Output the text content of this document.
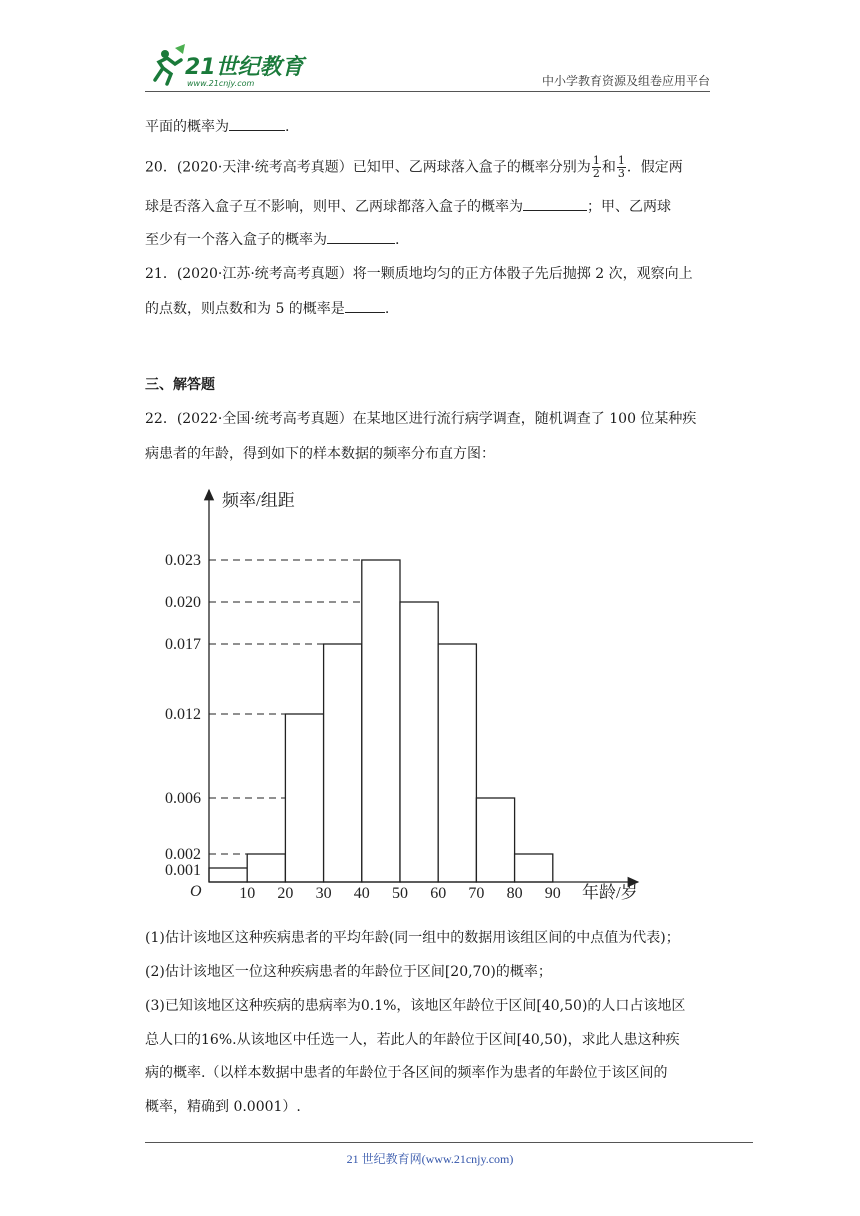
21世纪教育
www.21cnjy.com	中小学教育资源及组卷应用平台
平面的概率为	.
20．(2020·天津·统考高考真题）已知甲、乙两球落入盒子的概率分别为 $\frac{1}{2}$ 和 $\frac{1}{3}$ ．假定两
球是否落入盒子互不影响，则甲、乙两球都落入盒子的概率为	；甲、乙两球
至少有一个落入盒子的概率为	.
21．(2020·江苏·统考高考真题）将一颗质地均匀的正方体骰子先后抛掷 2 次，观察向上
的点数，则点数和为 5 的概率是	.
三、解答题
22．(2022·全国·统考高考真题）在某地区进行流行病学调查，随机调查了 100 位某种疾
病患者的年龄，得到如下的样本数据的频率分布直方图：
0.001
0.002
0.006
0.012
0.017
0.020
0.023
10 20 30 40 50 60 70 80 90
频率/组距
年龄/岁
O
(1)估计该地区这种疾病患者的平均年龄(同一组中的数据用该组区间的中点值为代表)；
(2)估计该地区一位这种疾病患者的年龄位于区间[20,70)的概率；
(3)已知该地区这种疾病的患病率为0.1%，该地区年龄位于区间[40,50)的人口占该地区
总人口的16%.从该地区中任选一人，若此人的年龄位于区间[40,50)，求此人患这种疾
病的概率.（以样本数据中患者的年龄位于各区间的频率作为患者的年龄位于该区间的
概率，精确到 0.0001）.
21 世纪教育网(www.21cnjy.com)
